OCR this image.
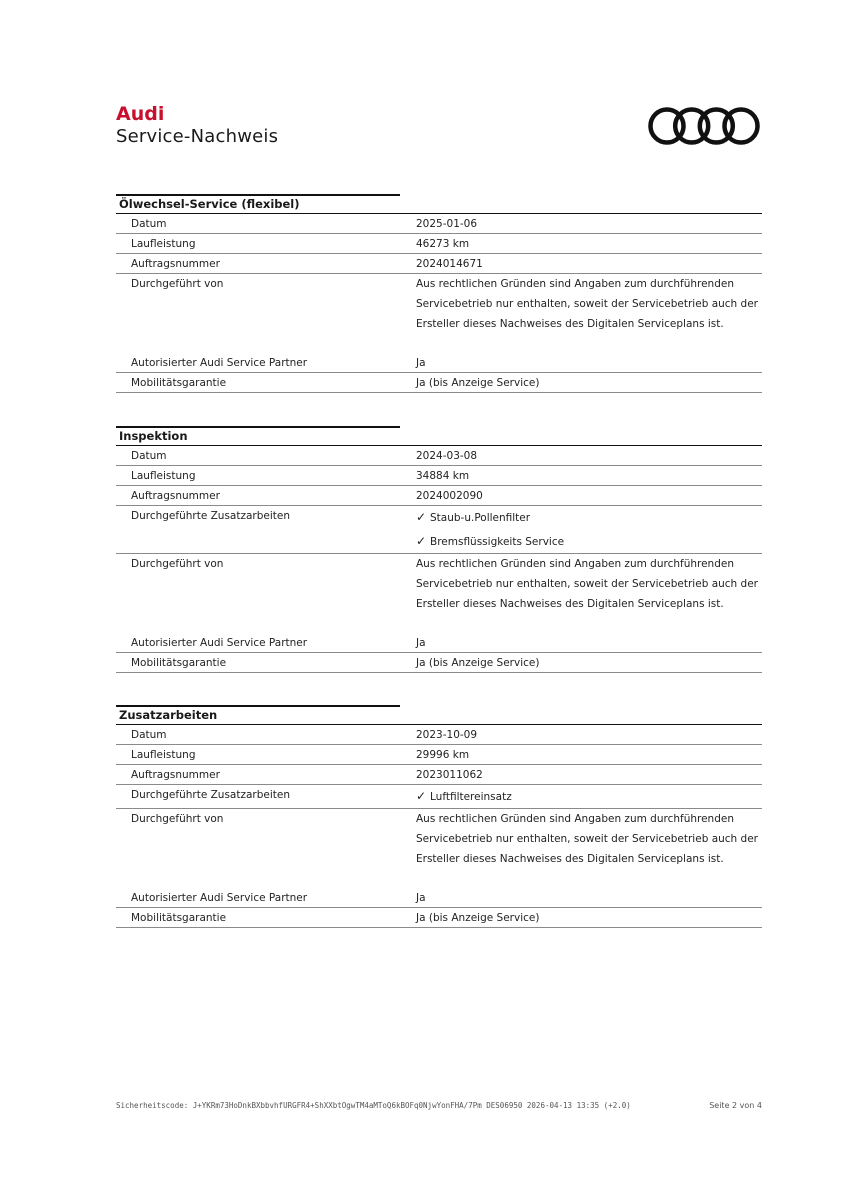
Audi
Service-Nachweis
Ölwechsel-Service (flexibel)
Datum	2025-01-06
Laufleistung	46273 km
Auftragsnummer	2024014671
Durchgeführt von	Aus rechtlichen Gründen sind Angaben zum durchführenden
Servicebetrieb nur enthalten, soweit der Servicebetrieb auch der
Ersteller dieses Nachweises des Digitalen Serviceplans ist.
Autorisierter Audi Service Partner	Ja
Mobilitätsgarantie	Ja (bis Anzeige Service)
Inspektion
Datum	2024-03-08
Laufleistung	34884 km
Auftragsnummer	2024002090
Durchgeführte Zusatzarbeiten	✓ Staub-u.Pollenfilter
✓ Bremsflüssigkeits Service
Durchgeführt von	Aus rechtlichen Gründen sind Angaben zum durchführenden
Servicebetrieb nur enthalten, soweit der Servicebetrieb auch der
Ersteller dieses Nachweises des Digitalen Serviceplans ist.
Autorisierter Audi Service Partner	Ja
Mobilitätsgarantie	Ja (bis Anzeige Service)
Zusatzarbeiten
Datum	2023-10-09
Laufleistung	29996 km
Auftragsnummer	2023011062
Durchgeführte Zusatzarbeiten	✓ Luftfiltereinsatz
Durchgeführt von	Aus rechtlichen Gründen sind Angaben zum durchführenden
Servicebetrieb nur enthalten, soweit der Servicebetrieb auch der
Ersteller dieses Nachweises des Digitalen Serviceplans ist.
Autorisierter Audi Service Partner	Ja
Mobilitätsgarantie	Ja (bis Anzeige Service)
Sicherheitscode: J+YKRm73HoDnkBXbbvhfURGFR4+ShXXbtOgwTM4aMToQ6kBOFq0NjwYonFHA/7Pm DES06950 2026-04-13 13:35 (+2.0)	Seite 2 von 4
